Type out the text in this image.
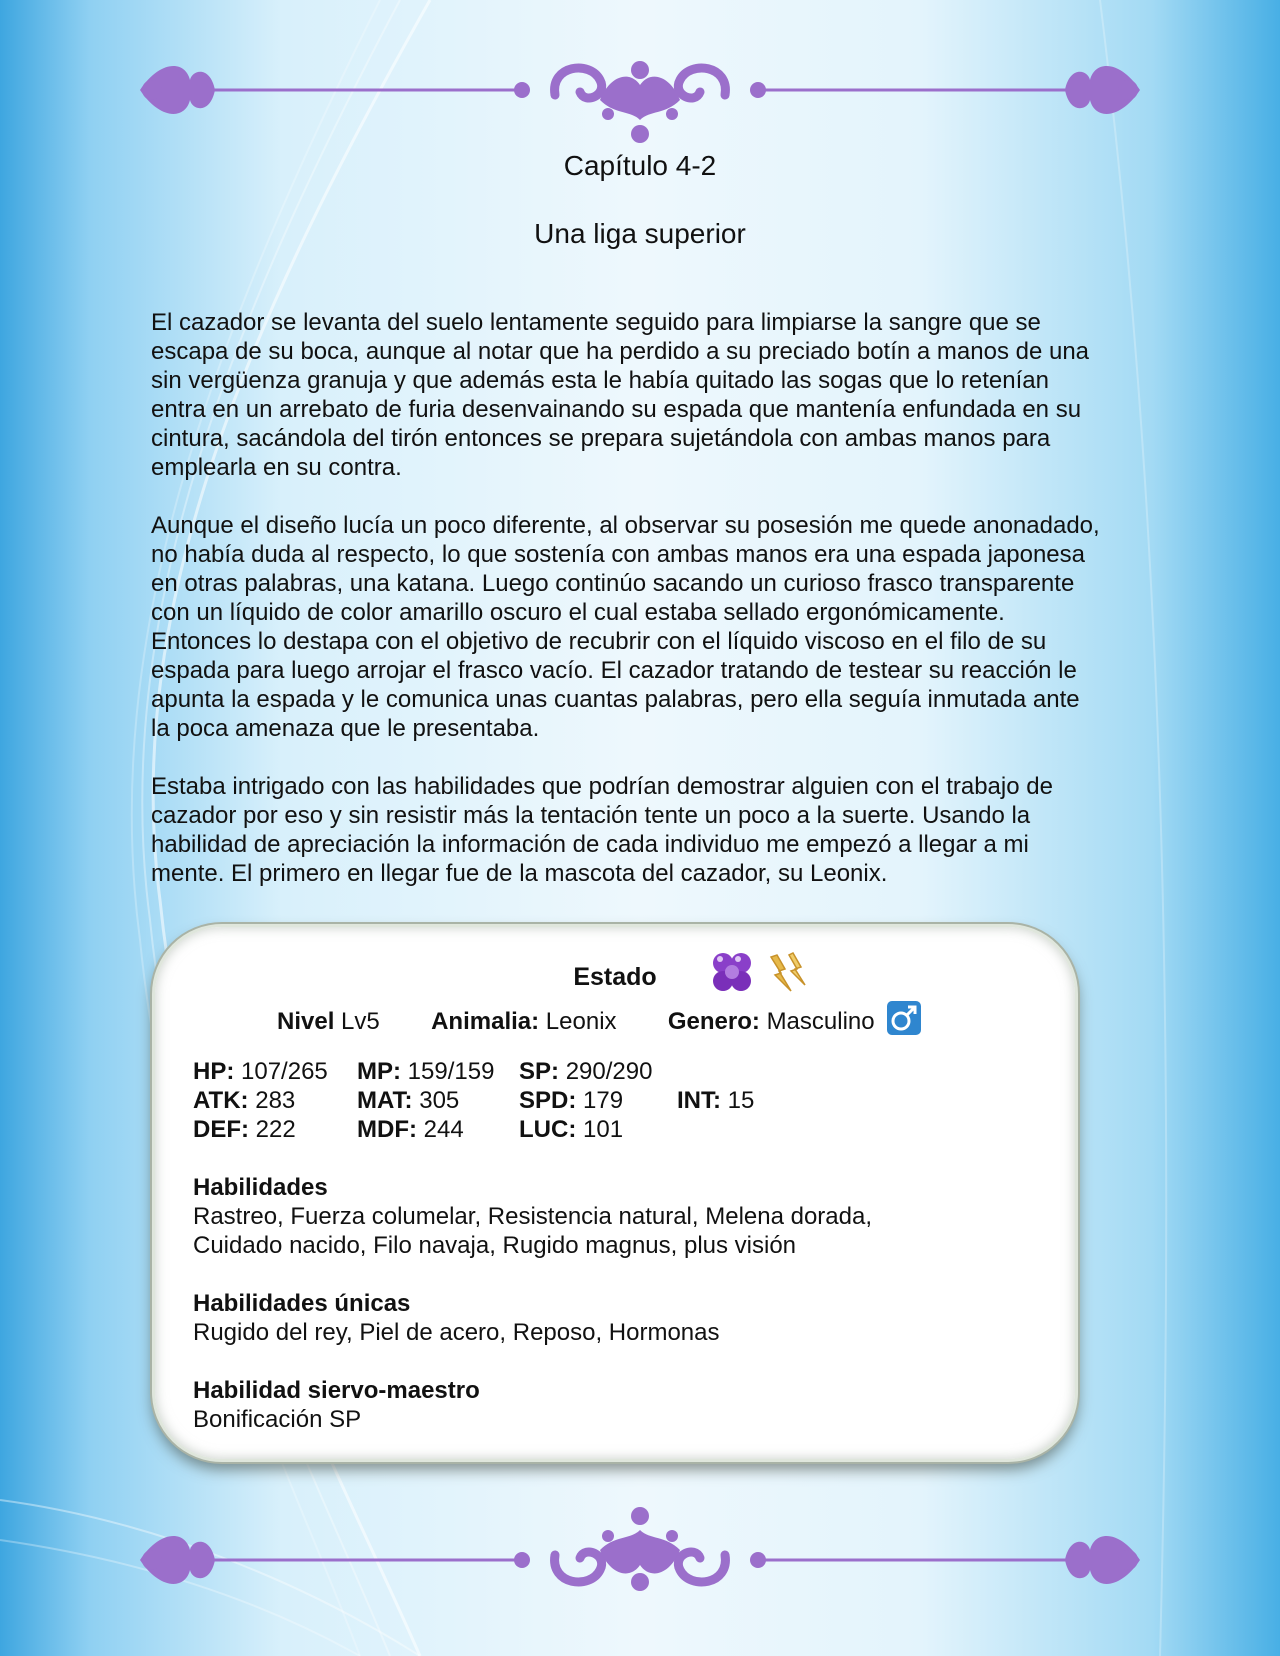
Capítulo 4-2
Una liga superior

El cazador se levanta del suelo lentamente seguido para limpiarse la sangre que se escapa de su boca, aunque al notar que ha perdido a su preciado botín a manos de una sin vergüenza granuja y que además esta le había quitado las sogas que lo retenían entra en un arrebato de furia desenvainando su espada que mantenía enfundada en su cintura, sacándola del tirón entonces se prepara sujetándola con ambas manos para emplearla en su contra.

Aunque el diseño lucía un poco diferente, al observar su posesión me quede anonadado, no había duda al respecto, lo que sostenía con ambas manos era una espada japonesa en otras palabras, una katana. Luego continúo sacando un curioso frasco transparente con un líquido de color amarillo oscuro el cual estaba sellado ergonómicamente. Entonces lo destapa con el objetivo de recubrir con el líquido viscoso en el filo de su espada para luego arrojar el frasco vacío. El cazador tratando de testear su reacción le apunta la espada y le comunica unas cuantas palabras, pero ella seguía inmutada ante la poca amenaza que le presentaba.

Estaba intrigado con las habilidades que podrían demostrar alguien con el trabajo de cazador por eso y sin resistir más la tentación tente un poco a la suerte. Usando la habilidad de apreciación la información de cada individuo me empezó a llegar a mi mente. El primero en llegar fue de la mascota del cazador, su Leonix.

Estado
Nivel Lv5 Animalia: Leonix Genero: Masculino
HP: 107/265	MP: 159/159	SP: 290/290
ATK: 283	MAT: 305	SPD: 179	INT: 15
DEF: 222	MDF: 244	LUC: 101
Habilidades
Rastreo, Fuerza columelar, Resistencia natural, Melena dorada,
Cuidado nacido, Filo navaja, Rugido magnus, plus visión
Habilidades únicas
Rugido del rey, Piel de acero, Reposo, Hormonas
Habilidad siervo-maestro
Bonificación SP
